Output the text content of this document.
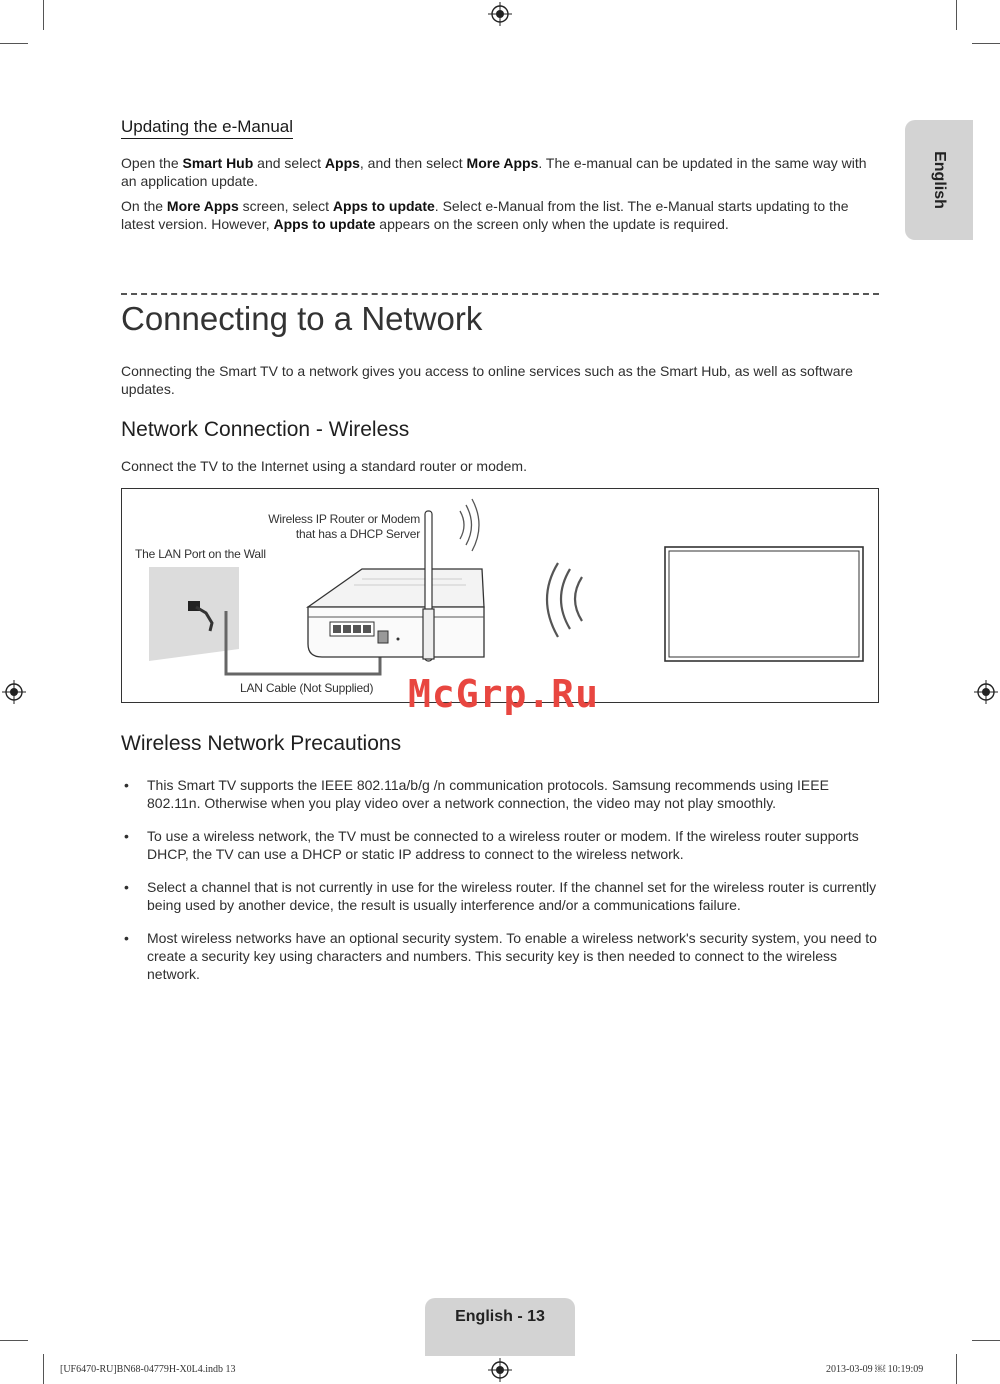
English
Updating the e-Manual

Open the Smart Hub and select Apps, and then select More Apps. The e-manual can be updated in the same way with an application update.

On the More Apps screen, select Apps to update. Select e-Manual from the list. The e-Manual starts updating to the latest version. However, Apps to update appears on the screen only when the update is required.

Connecting to a Network

Connecting the Smart TV to a network gives you access to online services such as the Smart Hub, as well as software updates.

Network Connection - Wireless

Connect the TV to the Internet using a standard router or modem.

Wireless IP Router or Modem
that has a DHCP Server
The LAN Port on the Wall
LAN Cable (Not Supplied) McGrp.Ru
Wireless Network Precautions
• This Smart TV supports the IEEE 802.11a/b/g /n communication protocols. Samsung recommends using IEEE 802.11n. Otherwise when you play video over a network connection, the video may not play smoothly.
• To use a wireless network, the TV must be connected to a wireless router or modem. If the wireless router supports DHCP, the TV can use a DHCP or static IP address to connect to the wireless network.
• Select a channel that is not currently in use for the wireless router. If the channel set for the wireless router is currently being used by another device, the result is usually interference and/or a communications failure.
• Most wireless networks have an optional security system. To enable a wireless network's security system, you need to create a security key using characters and numbers. This security key is then needed to connect to the wireless network.
English - 13
[UF6470-RU]BN68-04779H-X0L4.indb 13	2013-03-09 ￼ 10:19:09
